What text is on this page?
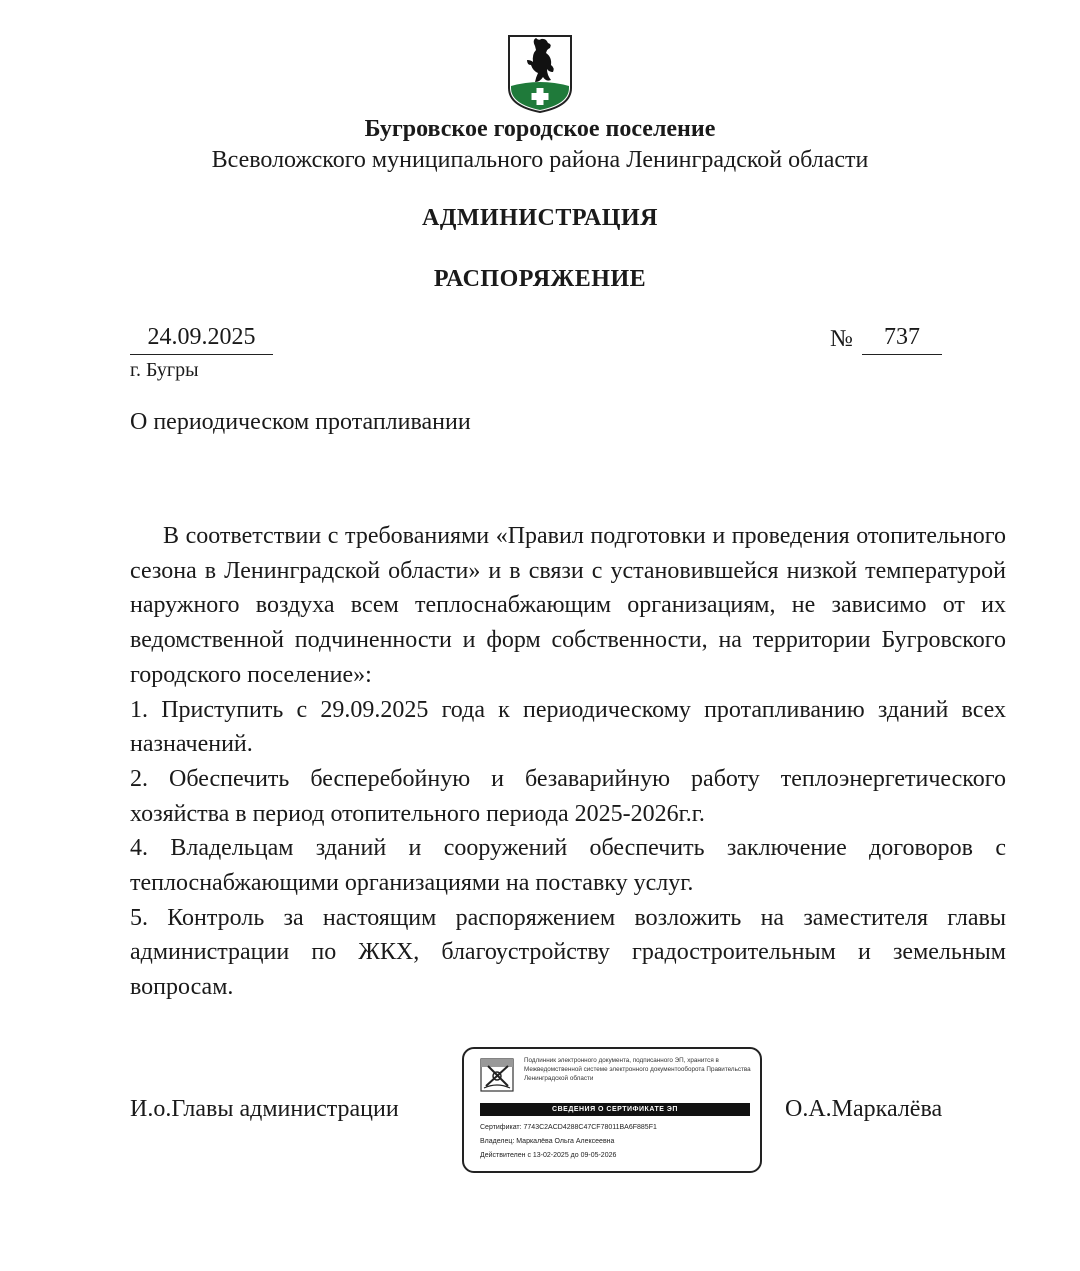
Бугровское городское поселение
Всеволожского муниципального района Ленинградской области
АДМИНИСТРАЦИЯ
РАСПОРЯЖЕНИЕ
24.09.2025	№	737
г. Бугры
О периодическом протапливании

В соответствии с требованиями «Правил подготовки и проведения отопительного сезона в Ленинградской области» и в связи с установившейся низкой температурой наружного воздуха всем теплоснабжающим организациям, не зависимо от их ведомственной подчиненности и форм собственности, на территории Бугровского городского поселение»:

1. Приступить с 29.09.2025 года к периодическому протапливанию зданий всех назначений.

2. Обеспечить бесперебойную и безаварийную работу теплоэнергетического хозяйства в период отопительного периода 2025-2026г.г.

4. Владельцам зданий и сооружений обеспечить заключение договоров с теплоснабжающими организациями на поставку услуг.

5. Контроль за настоящим распоряжением возложить на заместителя главы администрации по ЖКХ, благоустройству градостроительным и земельным вопросам.

И.о.Главы администрации
Подлинник электронного документа, подписанного ЭП, хранится в Межведомственной системе электронного документооборота Правительства Ленинградской области
СВЕДЕНИЯ О СЕРТИФИКАТЕ ЭП
Сертификат: 7743C2ACD4288C47CF78011BA6F885F1
Владелец: Маркалёва Ольга Алексеевна
Действителен с 13-02-2025 до 09-05-2026
О.А.Маркалёва
